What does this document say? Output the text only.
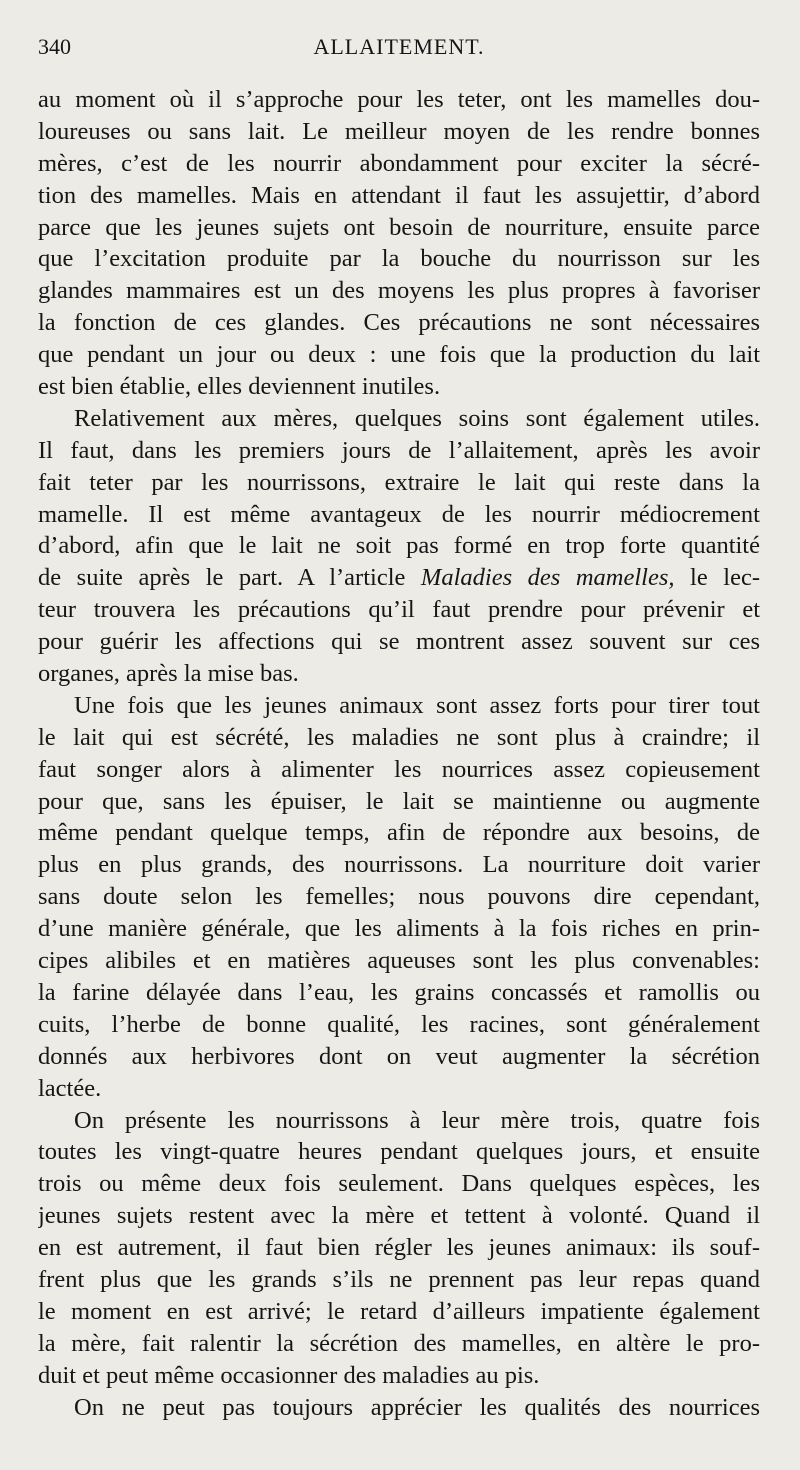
340	ALLAITEMENT.
au moment où il s’approche pour les teter, ont les mamelles dou-
loureuses ou sans lait. Le meilleur moyen de les rendre bonnes
mères, c’est de les nourrir abondamment pour exciter la sécré-
tion des mamelles. Mais en attendant il faut les assujettir, d’abord
parce que les jeunes sujets ont besoin de nourriture, ensuite parce
que l’excitation produite par la bouche du nourrisson sur les
glandes mammaires est un des moyens les plus propres à favoriser
la fonction de ces glandes. Ces précautions ne sont nécessaires
que pendant un jour ou deux : une fois que la production du lait
est bien établie, elles deviennent inutiles.
Relativement aux mères, quelques soins sont également utiles.
Il faut, dans les premiers jours de l’allaitement, après les avoir
fait teter par les nourrissons, extraire le lait qui reste dans la
mamelle. Il est même avantageux de les nourrir médiocrement
d’abord, afin que le lait ne soit pas formé en trop forte quantité
de suite après le part. A l’article Maladies des mamelles, le lec-
teur trouvera les précautions qu’il faut prendre pour prévenir et
pour guérir les affections qui se montrent assez souvent sur ces
organes, après la mise bas.
Une fois que les jeunes animaux sont assez forts pour tirer tout
le lait qui est sécrété, les maladies ne sont plus à craindre; il
faut songer alors à alimenter les nourrices assez copieusement
pour que, sans les épuiser, le lait se maintienne ou augmente
même pendant quelque temps, afin de répondre aux besoins, de
plus en plus grands, des nourrissons. La nourriture doit varier
sans doute selon les femelles; nous pouvons dire cependant,
d’une manière générale, que les aliments à la fois riches en prin-
cipes alibiles et en matières aqueuses sont les plus convenables:
la farine délayée dans l’eau, les grains concassés et ramollis ou
cuits, l’herbe de bonne qualité, les racines, sont généralement
donnés aux herbivores dont on veut augmenter la sécrétion
lactée.
On présente les nourrissons à leur mère trois, quatre fois
toutes les vingt-quatre heures pendant quelques jours, et ensuite
trois ou même deux fois seulement. Dans quelques espèces, les
jeunes sujets restent avec la mère et tettent à volonté. Quand il
en est autrement, il faut bien régler les jeunes animaux: ils souf-
frent plus que les grands s’ils ne prennent pas leur repas quand
le moment en est arrivé; le retard d’ailleurs impatiente également
la mère, fait ralentir la sécrétion des mamelles, en altère le pro-
duit et peut même occasionner des maladies au pis.
On ne peut pas toujours apprécier les qualités des nourrices
